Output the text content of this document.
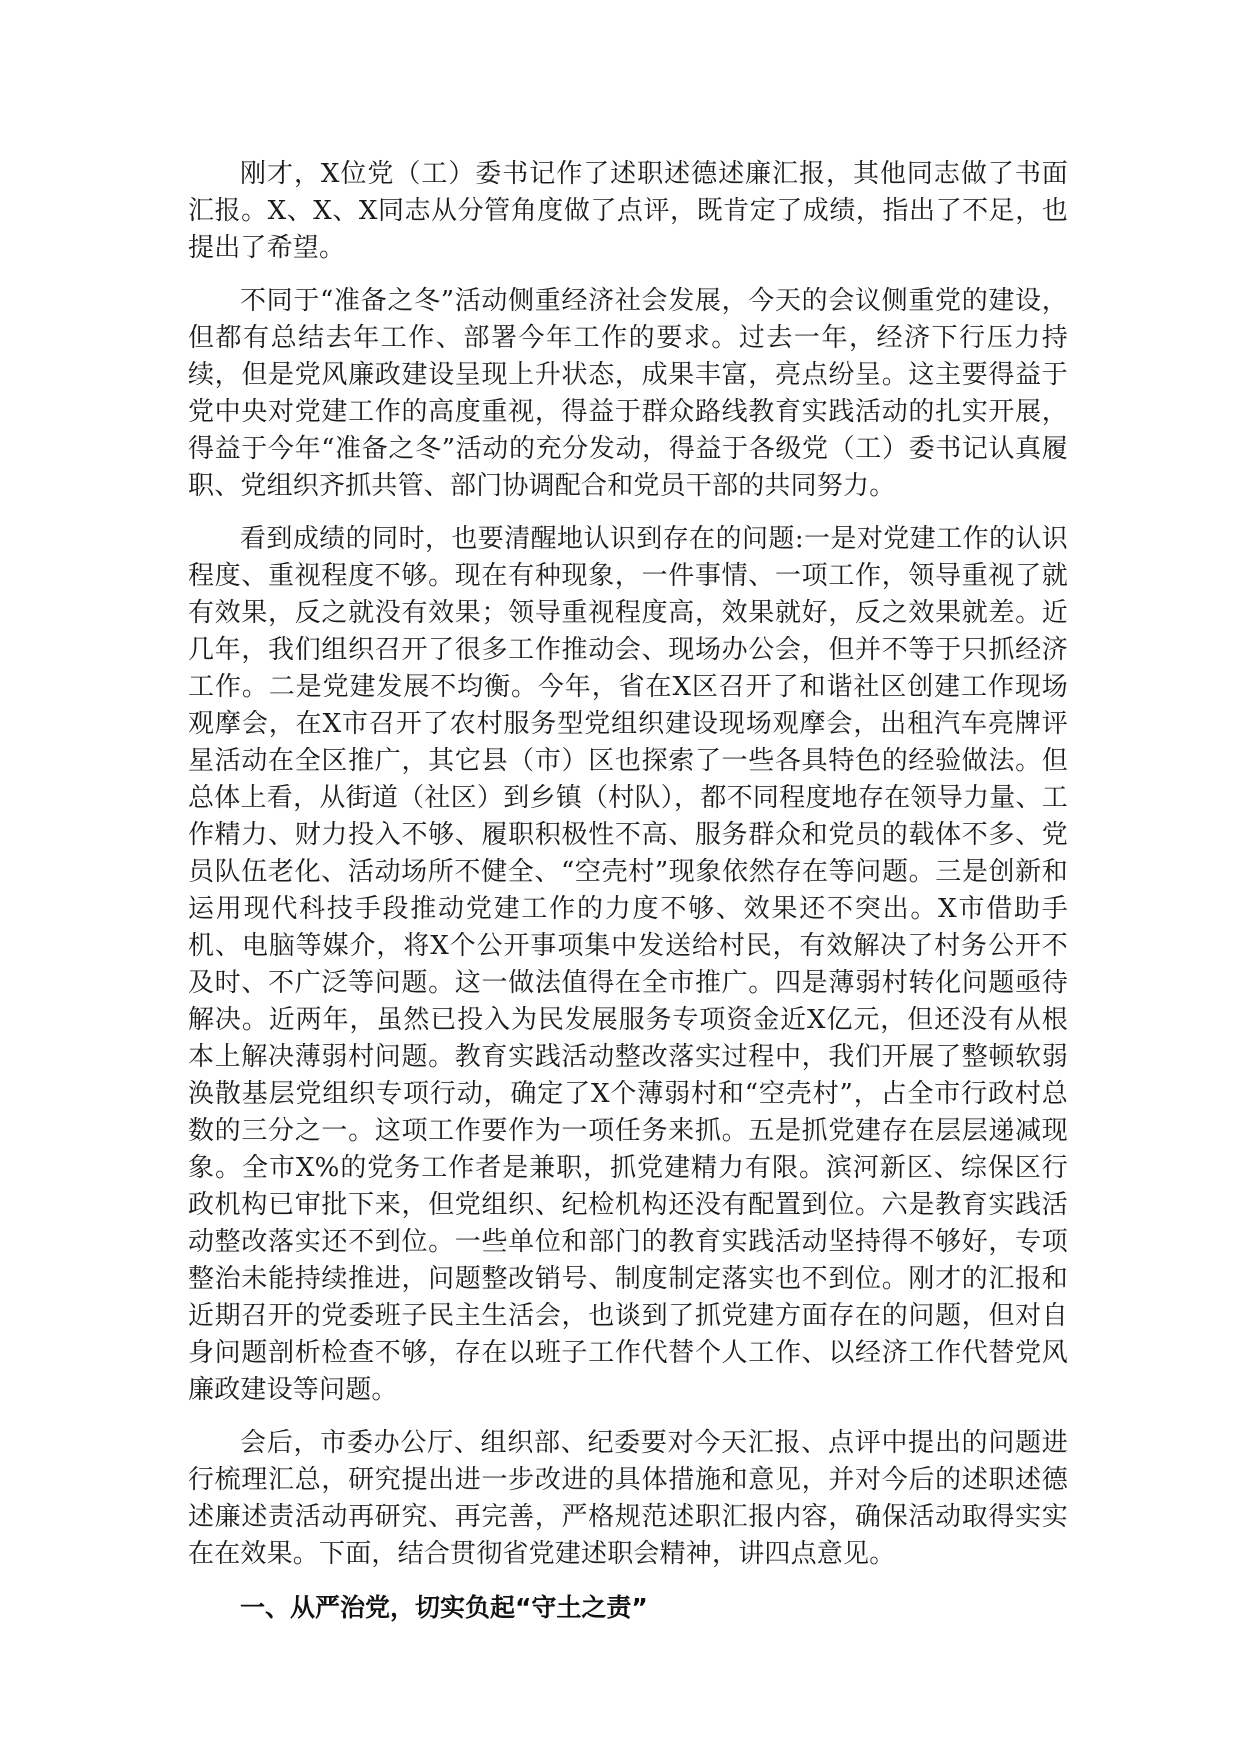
刚才，X位党（工）委书记作了述职述德述廉汇报，其他同志做了书面汇报。X、X、X同志从分管角度做了点评，既肯定了成绩，指出了不足，也提出了希望。

不同于“准备之冬”活动侧重经济社会发展，今天的会议侧重党的建设，但都有总结去年工作、部署今年工作的要求。过去一年，经济下行压力持续，但是党风廉政建设呈现上升状态，成果丰富，亮点纷呈。这主要得益于党中央对党建工作的高度重视，得益于群众路线教育实践活动的扎实开展，得益于今年“准备之冬”活动的充分发动，得益于各级党（工）委书记认真履职、党组织齐抓共管、部门协调配合和党员干部的共同努力。

看到成绩的同时，也要清醒地认识到存在的问题:一是对党建工作的认识程度、重视程度不够。现在有种现象，一件事情、一项工作，领导重视了就有效果，反之就没有效果；领导重视程度高，效果就好，反之效果就差。近几年，我们组织召开了很多工作推动会、现场办公会，但并不等于只抓经济工作。二是党建发展不均衡。今年，省在X区召开了和谐社区创建工作现场观摩会，在X市召开了农村服务型党组织建设现场观摩会，出租汽车亮牌评星活动在全区推广，其它县（市）区也探索了一些各具特色的经验做法。但总体上看，从街道（社区）到乡镇（村队），都不同程度地存在领导力量、工作精力、财力投入不够、履职积极性不高、服务群众和党员的载体不多、党员队伍老化、活动场所不健全、“空壳村”现象依然存在等问题。三是创新和运用现代科技手段推动党建工作的力度不够、效果还不突出。X市借助手机、电脑等媒介，将X个公开事项集中发送给村民，有效解决了村务公开不及时、不广泛等问题。这一做法值得在全市推广。四是薄弱村转化问题亟待解决。近两年，虽然已投入为民发展服务专项资金近X亿元，但还没有从根本上解决薄弱村问题。教育实践活动整改落实过程中，我们开展了整顿软弱涣散基层党组织专项行动，确定了X个薄弱村和“空壳村”，占全市行政村总数的三分之一。这项工作要作为一项任务来抓。五是抓党建存在层层递减现象。全市X%的党务工作者是兼职，抓党建精力有限。滨河新区、综保区行政机构已审批下来，但党组织、纪检机构还没有配置到位。六是教育实践活动整改落实还不到位。一些单位和部门的教育实践活动坚持得不够好，专项整治未能持续推进，问题整改销号、制度制定落实也不到位。刚才的汇报和近期召开的党委班子民主生活会，也谈到了抓党建方面存在的问题，但对自身问题剖析检查不够，存在以班子工作代替个人工作、以经济工作代替党风廉政建设等问题。

会后，市委办公厅、组织部、纪委要对今天汇报、点评中提出的问题进行梳理汇总，研究提出进一步改进的具体措施和意见，并对今后的述职述德述廉述责活动再研究、再完善，严格规范述职汇报内容，确保活动取得实实在在效果。下面，结合贯彻省党建述职会精神，讲四点意见。

一、从严治党，切实负起“守土之责”
